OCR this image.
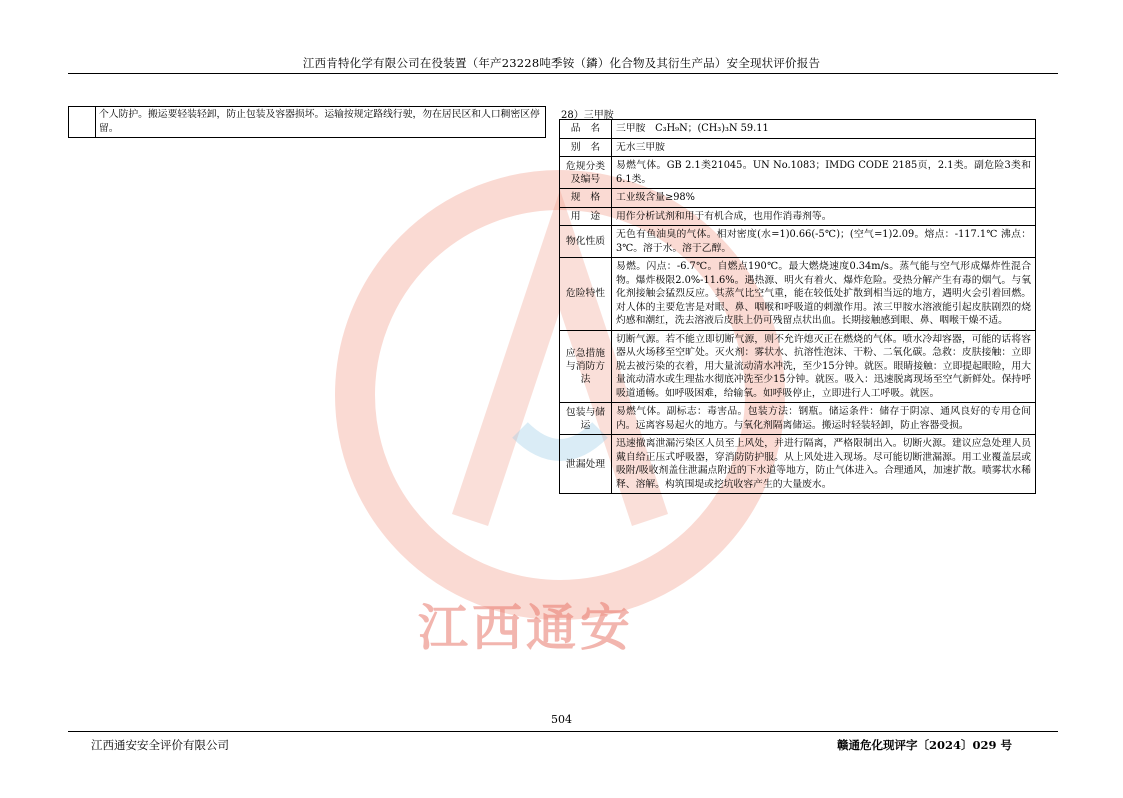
江西通安
江西肯特化学有限公司在役装置（年产23228吨季铵（鏻）化合物及其衍生产品）安全现状评价报告
	个人防护。搬运要轻装轻卸，防止包装及容器损坏。运输按规定路线行驶，勿在居民区和人口稠密区停留。
28）三甲胺
品　名	三甲胺　C₃H₉N；(CH₃)₃N 59.11
别　名	无水三甲胺
危规分类及编号	易燃气体。GB 2.1类21045。UN No.1083；IMDG CODE 2185页，2.1类。副危险3类和6.1类。
规　格	工业级含量≥98%
用　途	用作分析试剂和用于有机合成，也用作消毒剂等。
物化性质	无色有鱼油臭的气体。相对密度(水=1)0.66(-5℃)；(空气=1)2.09。熔点：-117.1℃ 沸点：3℃。溶于水。溶于乙醇。
危险特性	易燃。闪点：-6.7℃。自燃点190℃。最大燃烧速度0.34m/s。蒸气能与空气形成爆炸性混合物。爆炸极限2.0%-11.6%。遇热源、明火有着火、爆炸危险。受热分解产生有毒的烟气。与氧化剂接触会猛烈反应。其蒸气比空气重，能在较低处扩散到相当远的地方，遇明火会引着回燃。对人体的主要危害是对眼、鼻、咽喉和呼吸道的刺激作用。浓三甲胺水溶液能引起皮肤剧烈的烧灼感和潮红，洗去溶液后皮肤上仍可残留点状出血。长期接触感到眼、鼻、咽喉干燥不适。
应急措施与消防方法	切断气源。若不能立即切断气源，则不允许熄灭正在燃烧的气体。喷水冷却容器，可能的话将容器从火场移至空旷处。灭火剂：雾状水、抗溶性泡沫、干粉、二氧化碳。急救：皮肤接触：立即脱去被污染的衣着，用大量流动清水冲洗，至少15分钟。就医。眼睛接触：立即提起眼睑，用大量流动清水或生理盐水彻底冲洗至少15分钟。就医。吸入：迅速脱离现场至空气新鲜处。保持呼吸道通畅。如呼吸困难，给输氧。如呼吸停止，立即进行人工呼吸。就医。
包装与储运	易燃气体。副标志：毒害品。包装方法：钢瓶。储运条件：储存于阴凉、通风良好的专用仓间内。远离容易起火的地方。与氧化剂隔离储运。搬运时轻装轻卸，防止容器受损。
泄漏处理	迅速撤离泄漏污染区人员至上风处，并进行隔离，严格限制出入。切断火源。建议应急处理人员戴自给正压式呼吸器，穿消防防护服。从上风处进入现场。尽可能切断泄漏源。用工业覆盖层或吸附/吸收剂盖住泄漏点附近的下水道等地方，防止气体进入。合理通风，加速扩散。喷雾状水稀释、溶解。构筑围堤或挖坑收容产生的大量废水。
504
江西通安安全评价有限公司	赣通危化现评字〔2024〕029 号
